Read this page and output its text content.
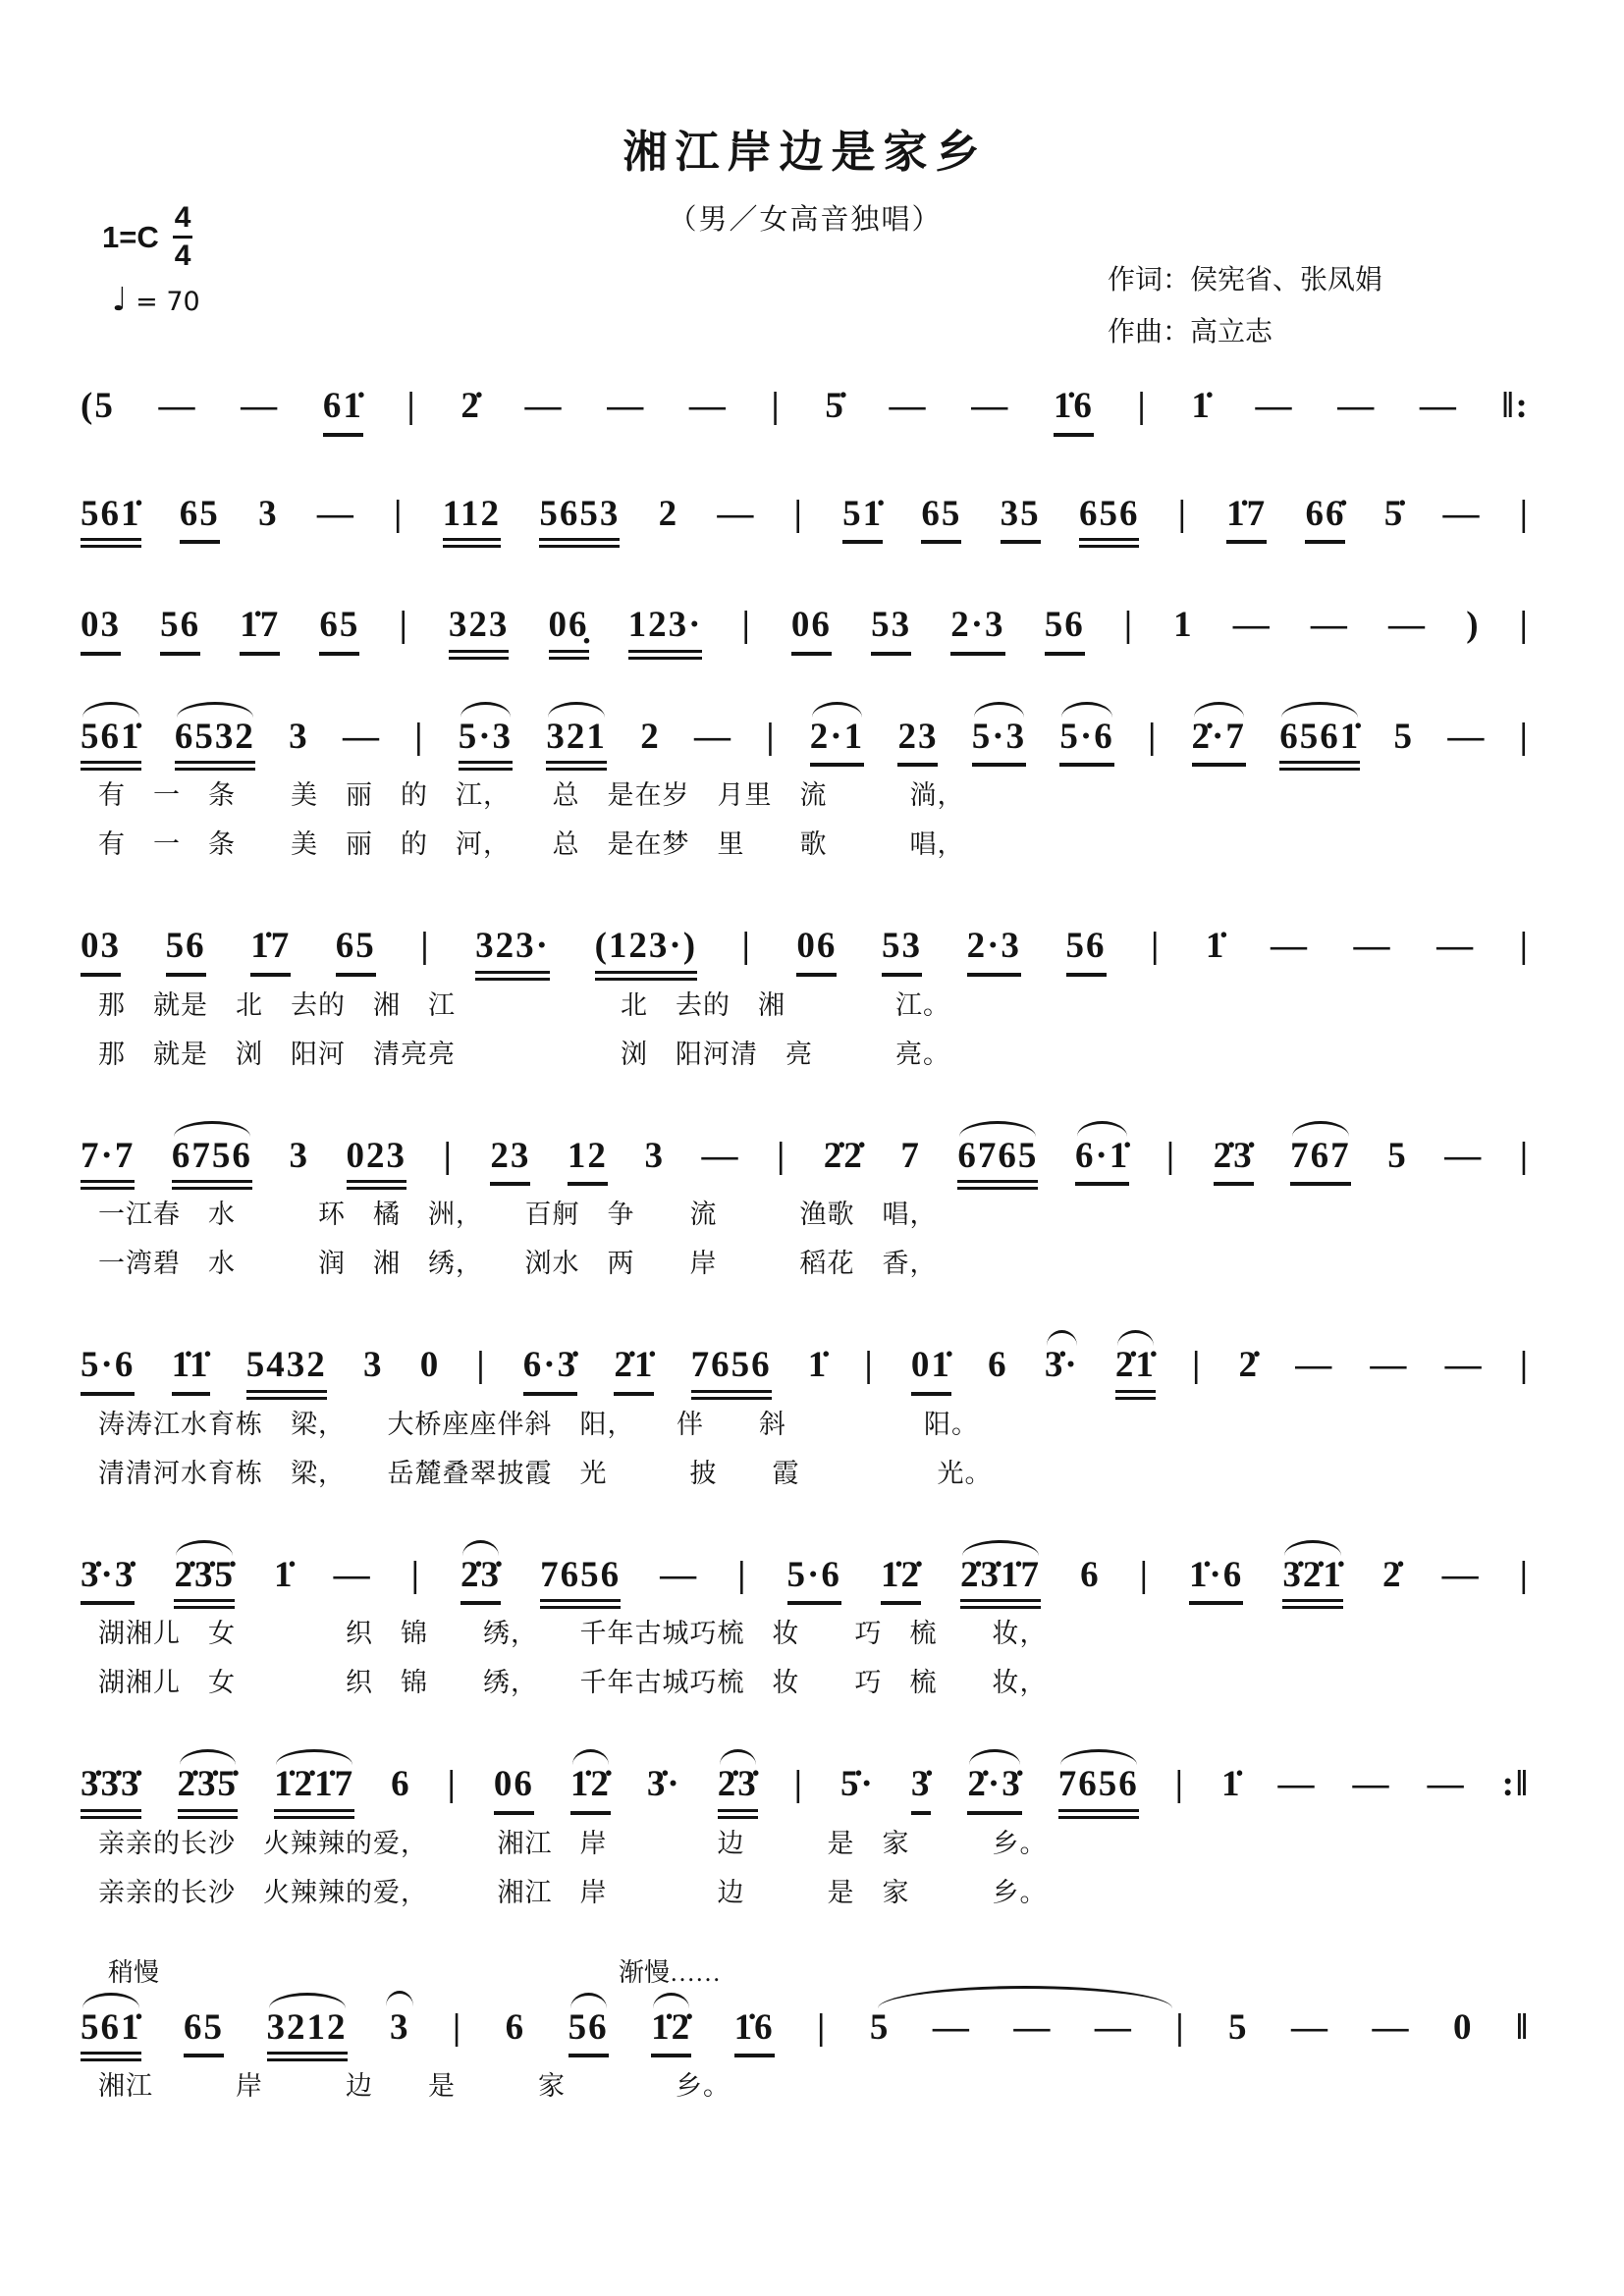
湘江岸边是家乡
1=C
4
4
（男／女高音独唱）
♩ = 70
作词：侯宪省、张凤娟
作曲：高立志
(5 — — 61̇ | 2̇ — — — | 5̇ — — 1̇6 | 1̇ — — — ‖:
561̇ 65 3 — | 112 5653 2 — | 51̇ 65 35 656 | 1̇7 66̇ 5̇ — |
03 56 1̇7 65 | 323 06̣ 123· | 06 53 2·3 56 | 1 — — — ) |
561̇ 6532 3 — | 5·3 321 2 — | 2·1 23 5·3 5·6 | 2̇·7 6561̇ 5 — |
有　一　条　　美　丽　的　江，　　总　是在岁　月里　流　　　淌，
有　一　条　　美　丽　的　河，　　总　是在梦　里　　歌　　　唱，
03 56 1̇7 65 | 323· (123·) | 06 53 2·3 56 | 1̇ — — — |
那　就是　北　去的　湘　江　　　　　　北　去的　湘　　　　江。
那　就是　浏　阳河　清亮亮　　　　　　浏　阳河清　亮　　　亮。
7·7 6756 3 023 | 23 12 3 — | 2̇2̇ 7 6765 6·1̇ | 2̇3̇ 767 5 — |
一江春　水　　　环　橘　洲，　　百舸　争　　流　　　渔歌　唱，
一湾碧　水　　　润　湘　绣，　　浏水　两　　岸　　　稻花　香，
5·6 1̇1̇ 5432 3 0 | 6·3̇ 2̇1̇ 7656 1̇ | 01̇ 6 3̇· 2̇1̇ | 2̇ — — — |
涛涛江水育栋　梁，　　大桥座座伴斜　阳，　　伴　　斜　　　　　阳。
清清河水育栋　梁，　　岳麓叠翠披霞　光　　　披　　霞　　　　　光。
3̇·3̇ 2̇3̇5̇ 1̇ — | 2̇3̇ 7656 — | 5·6 1̇2̇ 2̇3̇1̇7 6 | 1̇·6 3̇2̇1̇ 2̇ — |
湖湘儿　女　　　　织　锦　　绣，　　千年古城巧梳　妆　　巧　梳　　妆，
湖湘儿　女　　　　织　锦　　绣，　　千年古城巧梳　妆　　巧　梳　　妆，
3̇3̇3̇ 2̇3̇5̇ 1̇2̇1̇7 6 | 06 1̇2̇ 3̇· 2̇3̇ | 5̇· 3̇ 2̇·3̇ 7656 | 1̇ — — — :‖
亲亲的长沙　火辣辣的爱，　　　湘江　岸　　　　边　　　是　家　　　乡。
亲亲的长沙　火辣辣的爱，　　　湘江　岸　　　　边　　　是　家　　　乡。
稍慢	渐慢……
561̇ 65 3212 3 | 6 56 1̇2̇ 1̇6 | 5 — — — | 5 — — 0 ‖
湘江　　　岸　　　边　　是　　　家　　　　乡。
